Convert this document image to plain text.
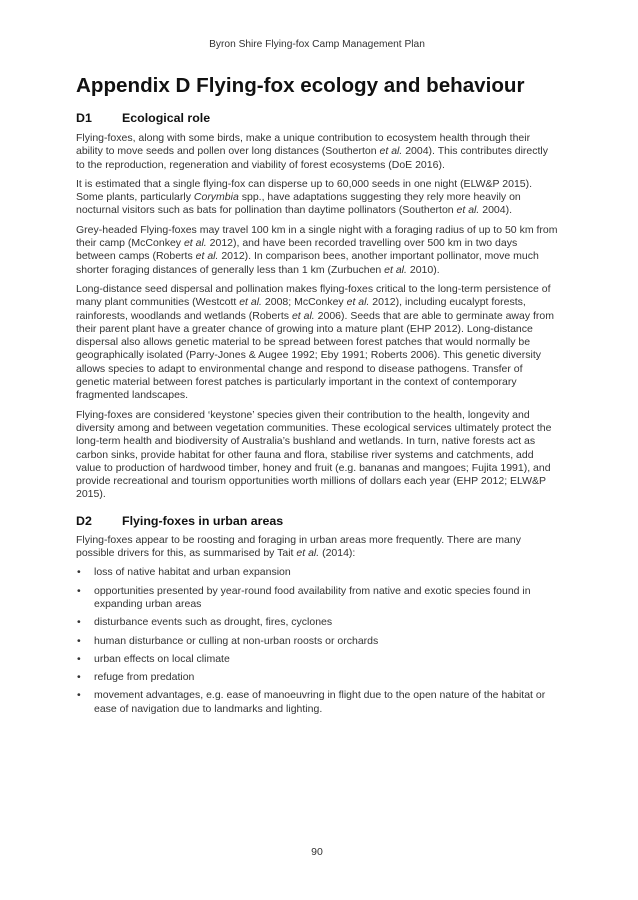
Byron Shire Flying-fox Camp Management Plan

Appendix D Flying-fox ecology and behaviour
D1	Ecological role

Flying-foxes, along with some birds, make a unique contribution to ecosystem health through their ability to move seeds and pollen over long distances (Southerton et al. 2004). This contributes directly to the reproduction, regeneration and viability of forest ecosystems (DoE 2016).

It is estimated that a single flying-fox can disperse up to 60,000 seeds in one night (ELW&P 2015). Some plants, particularly Corymbia spp., have adaptations suggesting they rely more heavily on nocturnal visitors such as bats for pollination than daytime pollinators (Southerton et al. 2004).

Grey-headed Flying-foxes may travel 100 km in a single night with a foraging radius of up to 50 km from their camp (McConkey et al. 2012), and have been recorded travelling over 500 km in two days between camps (Roberts et al. 2012). In comparison bees, another important pollinator, move much shorter foraging distances of generally less than 1 km (Zurbuchen et al. 2010).

Long-distance seed dispersal and pollination makes flying-foxes critical to the long-term persistence of many plant communities (Westcott et al. 2008; McConkey et al. 2012), including eucalypt forests, rainforests, woodlands and wetlands (Roberts et al. 2006). Seeds that are able to germinate away from their parent plant have a greater chance of growing into a mature plant (EHP 2012). Long-distance dispersal also allows genetic material to be spread between forest patches that would normally be geographically isolated (Parry-Jones & Augee 1992; Eby 1991; Roberts 2006). This genetic diversity allows species to adapt to environmental change and respond to disease pathogens. Transfer of genetic material between forest patches is particularly important in the context of contemporary fragmented landscapes.

Flying-foxes are considered ‘keystone’ species given their contribution to the health, longevity and diversity among and between vegetation communities. These ecological services ultimately protect the long-term health and biodiversity of Australia’s bushland and wetlands. In turn, native forests act as carbon sinks, provide habitat for other fauna and flora, stabilise river systems and catchments, add value to production of hardwood timber, honey and fruit (e.g. bananas and mangoes; Fujita 1991), and provide recreational and tourism opportunities worth millions of dollars each year (EHP 2012; ELW&P 2015).

D2	Flying-foxes in urban areas

Flying-foxes appear to be roosting and foraging in urban areas more frequently. There are many possible drivers for this, as summarised by Tait et al. (2014):

• loss of native habitat and urban expansion
• opportunities presented by year-round food availability from native and exotic species found in expanding urban areas
• disturbance events such as drought, fires, cyclones
• human disturbance or culling at non-urban roosts or orchards
• urban effects on local climate
• refuge from predation
• movement advantages, e.g. ease of manoeuvring in flight due to the open nature of the habitat or ease of navigation due to landmarks and lighting.
90
